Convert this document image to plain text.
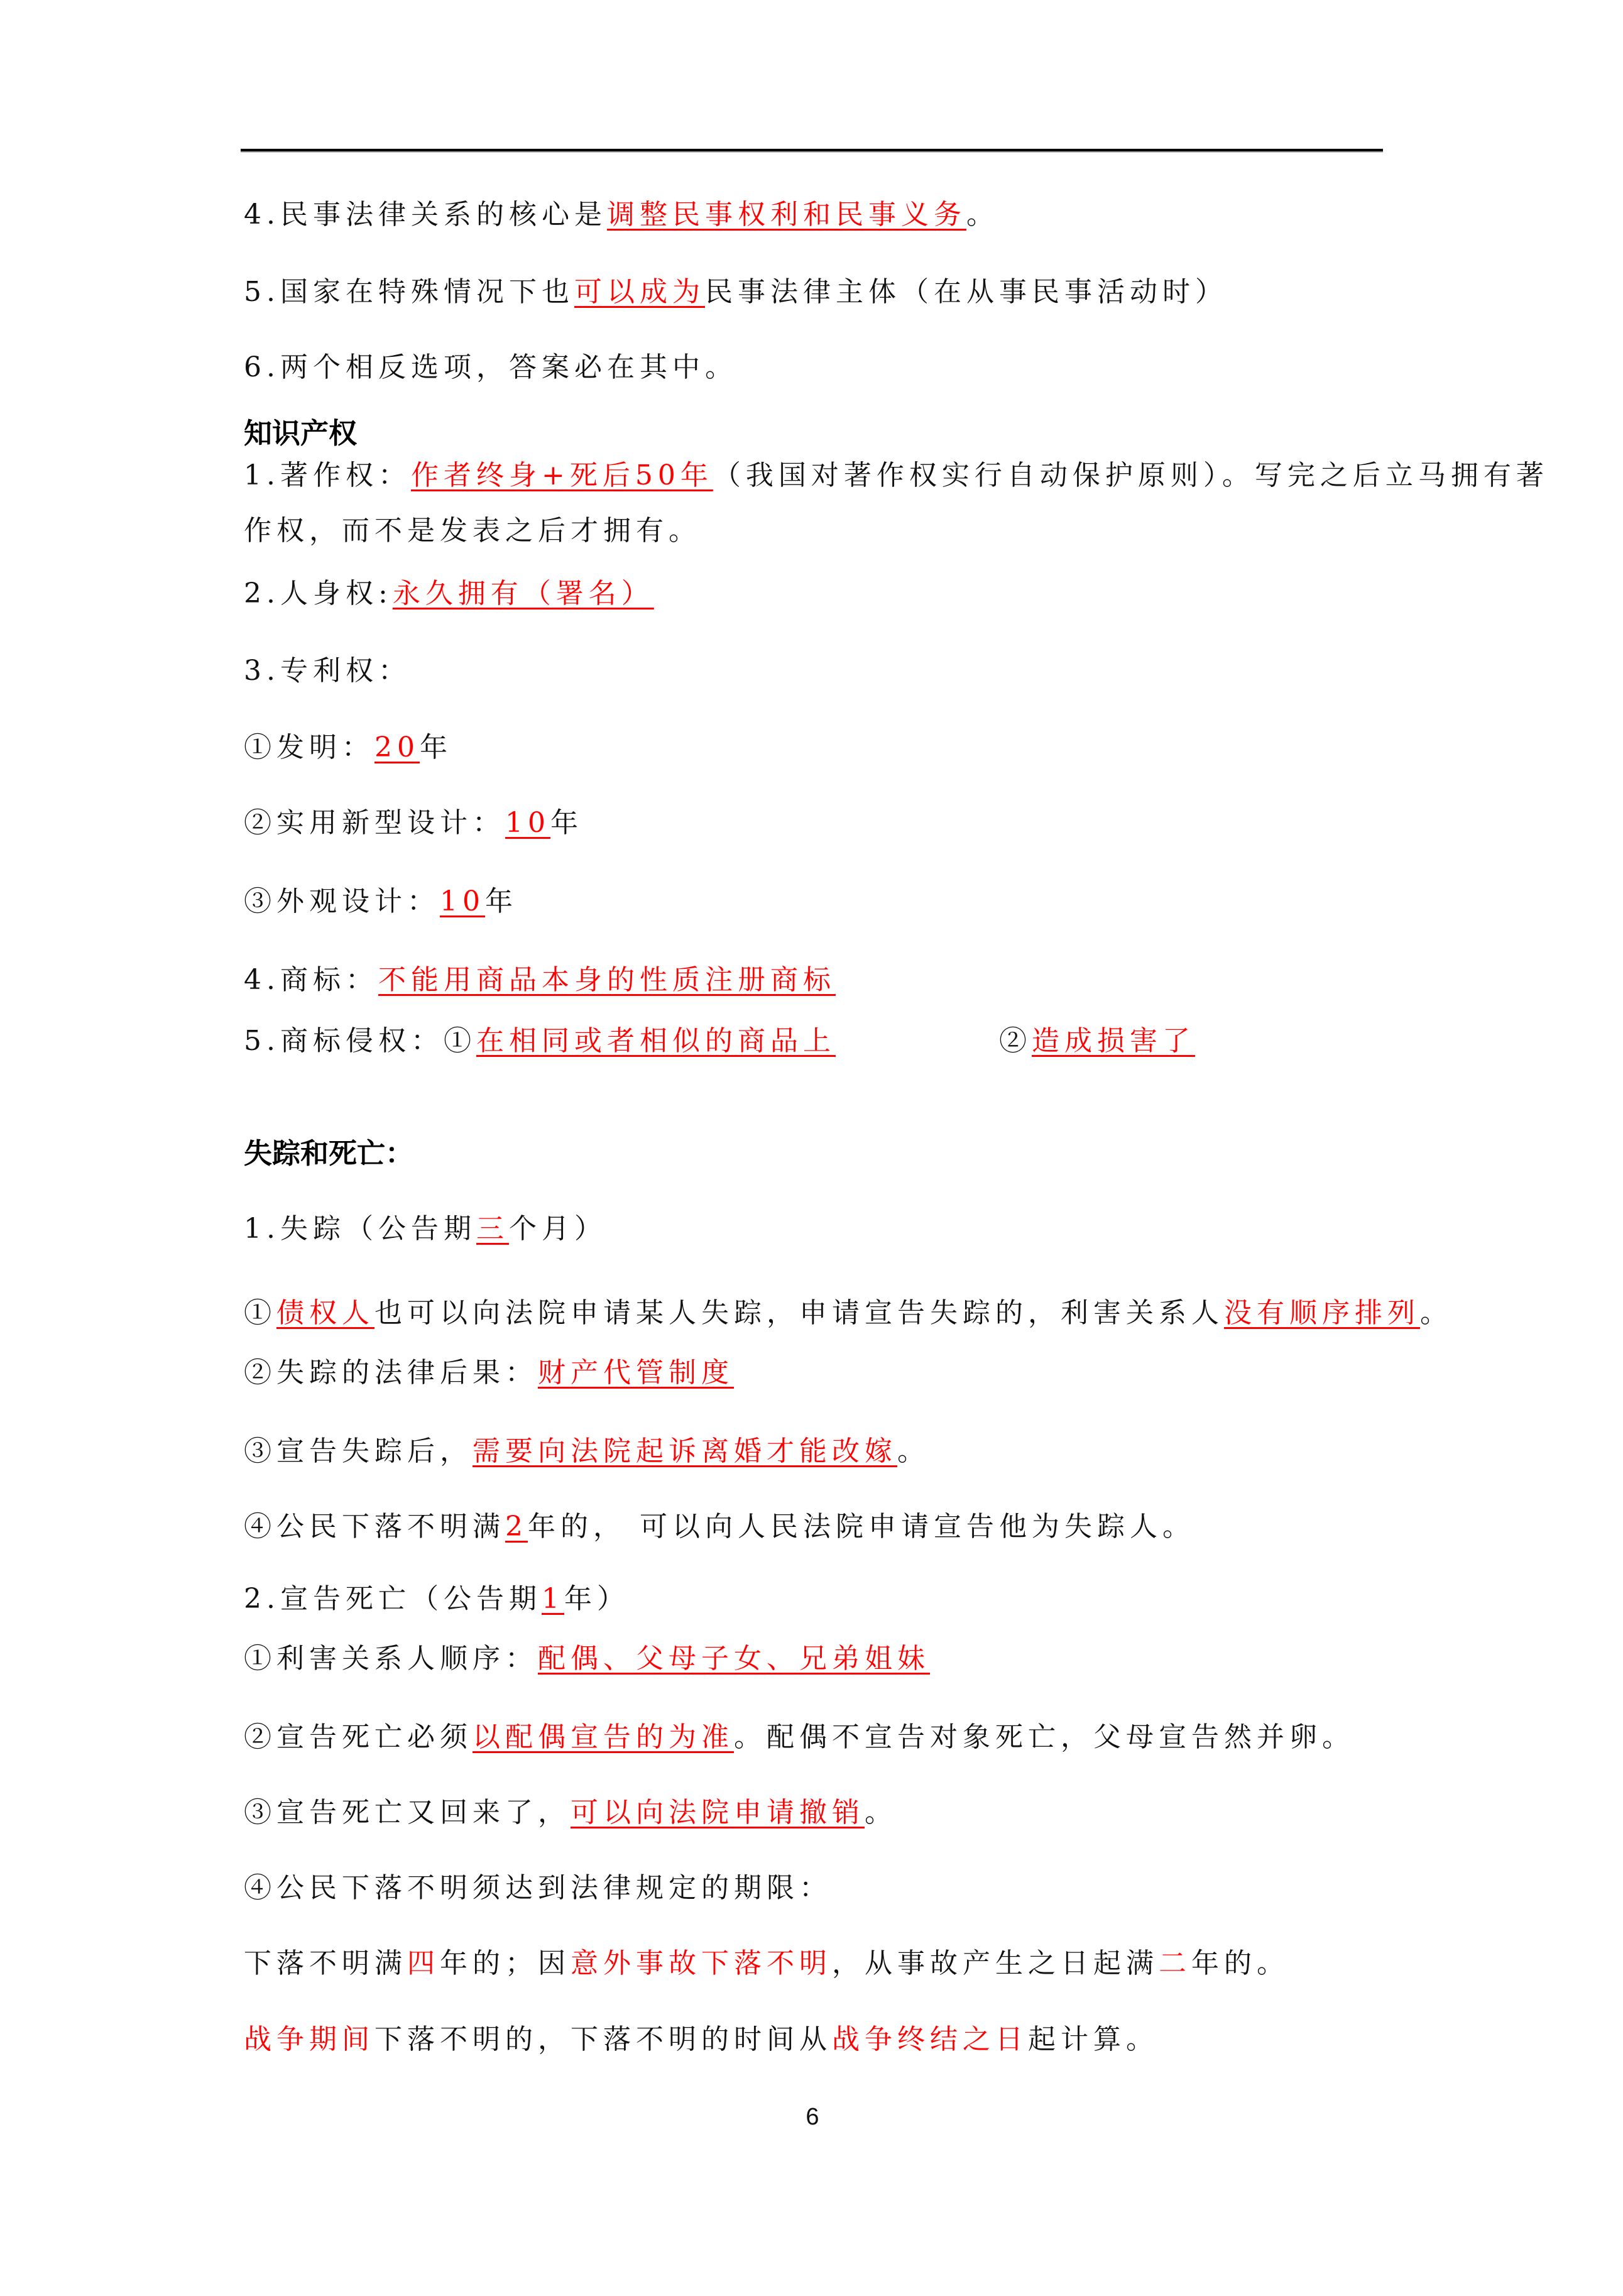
4.民事法律关系的核心是调整民事权利和民事义务。
5.国家在特殊情况下也可以成为民事法律主体（在从事民事活动时）
6.两个相反选项，答案必在其中。
知识产权
1.著作权：作者终身+死后50年（我国对著作权实行自动保护原则）。写完之后立马拥有著
作权，而不是发表之后才拥有。
2.人身权:永久拥有（署名）
3.专利权：
①发明：20年
②实用新型设计：10年
③外观设计：10年
4.商标：不能用商品本身的性质注册商标
5.商标侵权：①在相同或者相似的商品上	②造成损害了
失踪和死亡：
1.失踪（公告期三个月）
①债权人也可以向法院申请某人失踪，申请宣告失踪的，利害关系人没有顺序排列。
②失踪的法律后果：财产代管制度
③宣告失踪后，需要向法院起诉离婚才能改嫁。
④公民下落不明满2年的， 可以向人民法院申请宣告他为失踪人。
2.宣告死亡（公告期1年）
①利害关系人顺序：配偶、父母子女、兄弟姐妹
②宣告死亡必须以配偶宣告的为准。配偶不宣告对象死亡，父母宣告然并卵。
③宣告死亡又回来了，可以向法院申请撤销。
④公民下落不明须达到法律规定的期限：
下落不明满四年的；因意外事故下落不明，从事故产生之日起满二年的。
战争期间下落不明的，下落不明的时间从战争终结之日起计算。
6
